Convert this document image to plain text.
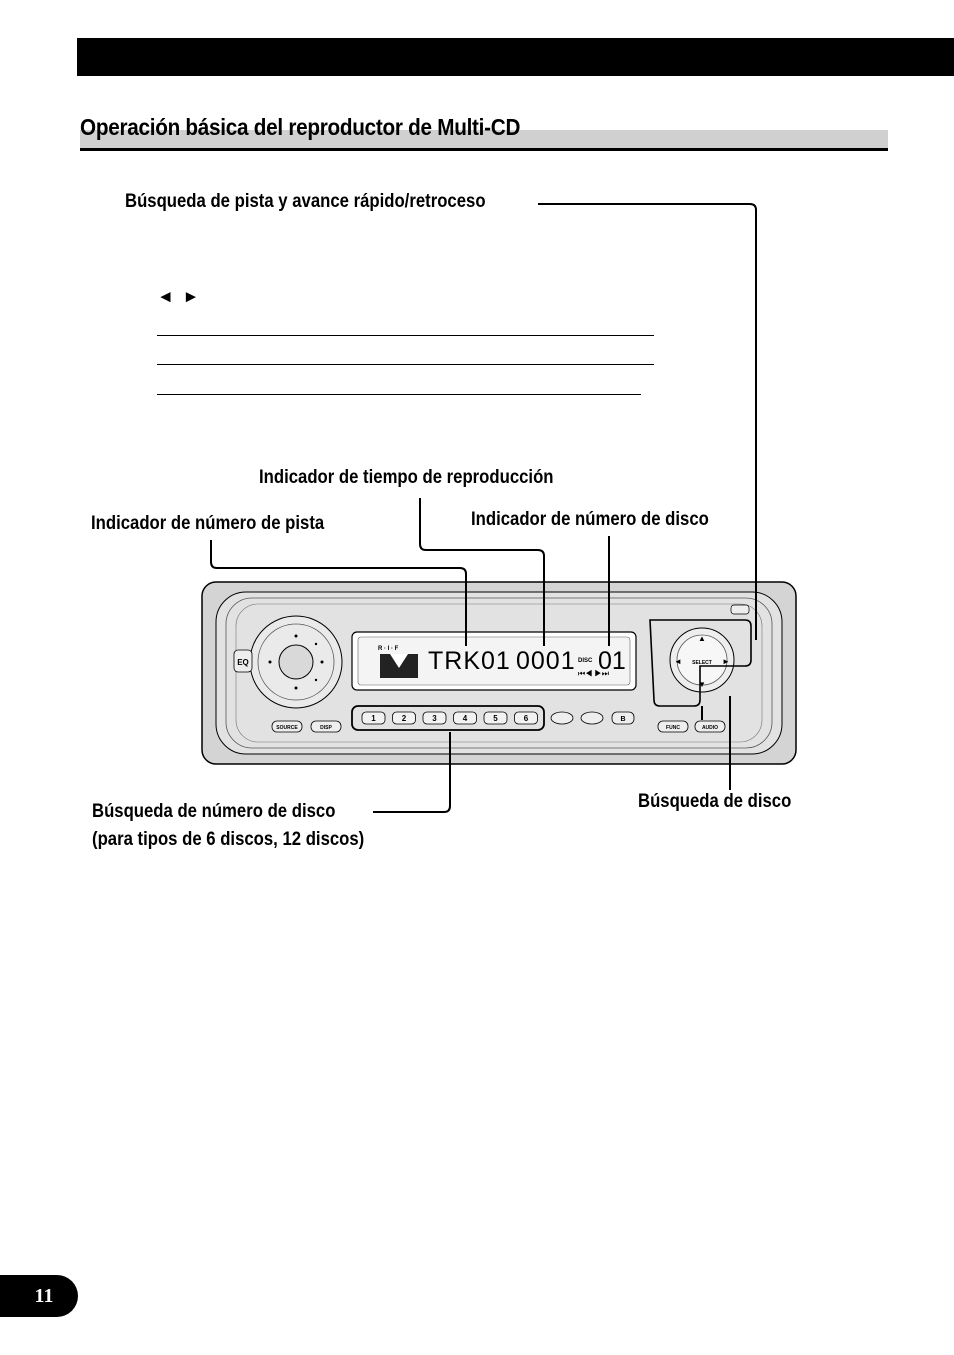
Operación básica del reproductor de Multi-CD
Búsqueda de pista y avance rápido/retroceso
◄ ►
Indicador de tiempo de reproducción
Indicador de número de pista	Indicador de número de disco
Búsqueda de número de disco
(para tipos de 6 discos, 12 discos)
Búsqueda de disco
EQ
R · I · F TRK01 0001 DISC 01
⏮◀ ▶⏭
▲
▼
◄	►
SELECT
1	2	3	4	5	6	B
SOURCE	DISP	FUNC	AUDIO
11
